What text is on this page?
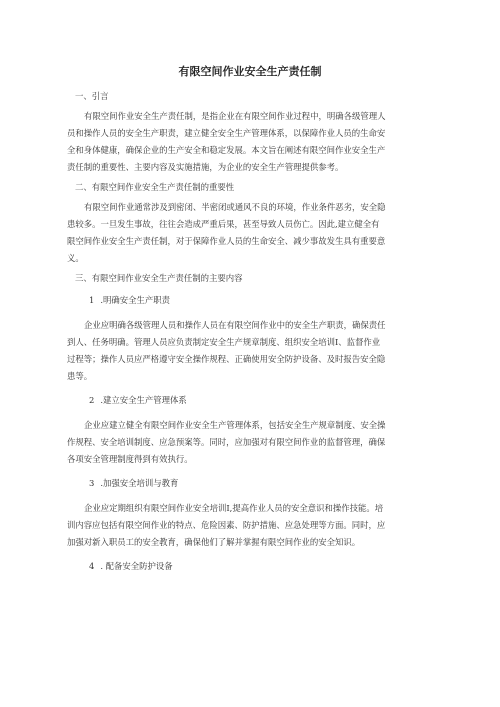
有限空间作业安全生产责任制
一、引言
有限空间作业安全生产责任制，是指企业在有限空间作业过程中，明确各级管理人
员和操作人员的安全生产职责，建立健全安全生产管理体系，以保障作业人员的生命安
全和身体健康，确保企业的生产安全和稳定发展。本文旨在阐述有限空间作业安全生产
责任制的重要性、主要内容及实施措施，为企业的安全生产管理提供参考。
二、有限空间作业安全生产责任制的重要性
有限空间作业通常涉及到密闭、半密闭或通风不良的环境，作业条件恶劣，安全隐
患较多。一旦发生事故，往往会造成严重后果，甚至导致人员伤亡。因此,建立健全有
限空间作业安全生产责任制，对于保障作业人员的生命安全、减少事故发生具有重要意
义。
三、有限空间作业安全生产责任制的主要内容
1 .明确安全生产职责
企业应明确各级管理人员和操作人员在有限空间作业中的安全生产职责，确保责任
到人、任务明确。管理人员应负责制定安全生产规章制度、组织安全培训I、监督作业
过程等；操作人员应严格遵守安全操作规程、正确使用安全防护设备、及时报告安全隐
患等。
2 .建立安全生产管理体系
企业应建立健全有限空间作业安全生产管理体系，包括安全生产规章制度、安全操
作规程、安全培训制度、应急预案等。同时，应加强对有限空间作业的监督管理，确保
各项安全管理制度得到有效执行。
3 .加强安全培训与教育
企业应定期组织有限空间作业安全培训I,提高作业人员的安全意识和操作技能。培
训内容应包括有限空间作业的特点、危险因素、防护措施、应急处理等方面。同时，应
加强对新入职员工的安全教育，确保他们了解并掌握有限空间作业的安全知识。
4 . 配备安全防护设备
